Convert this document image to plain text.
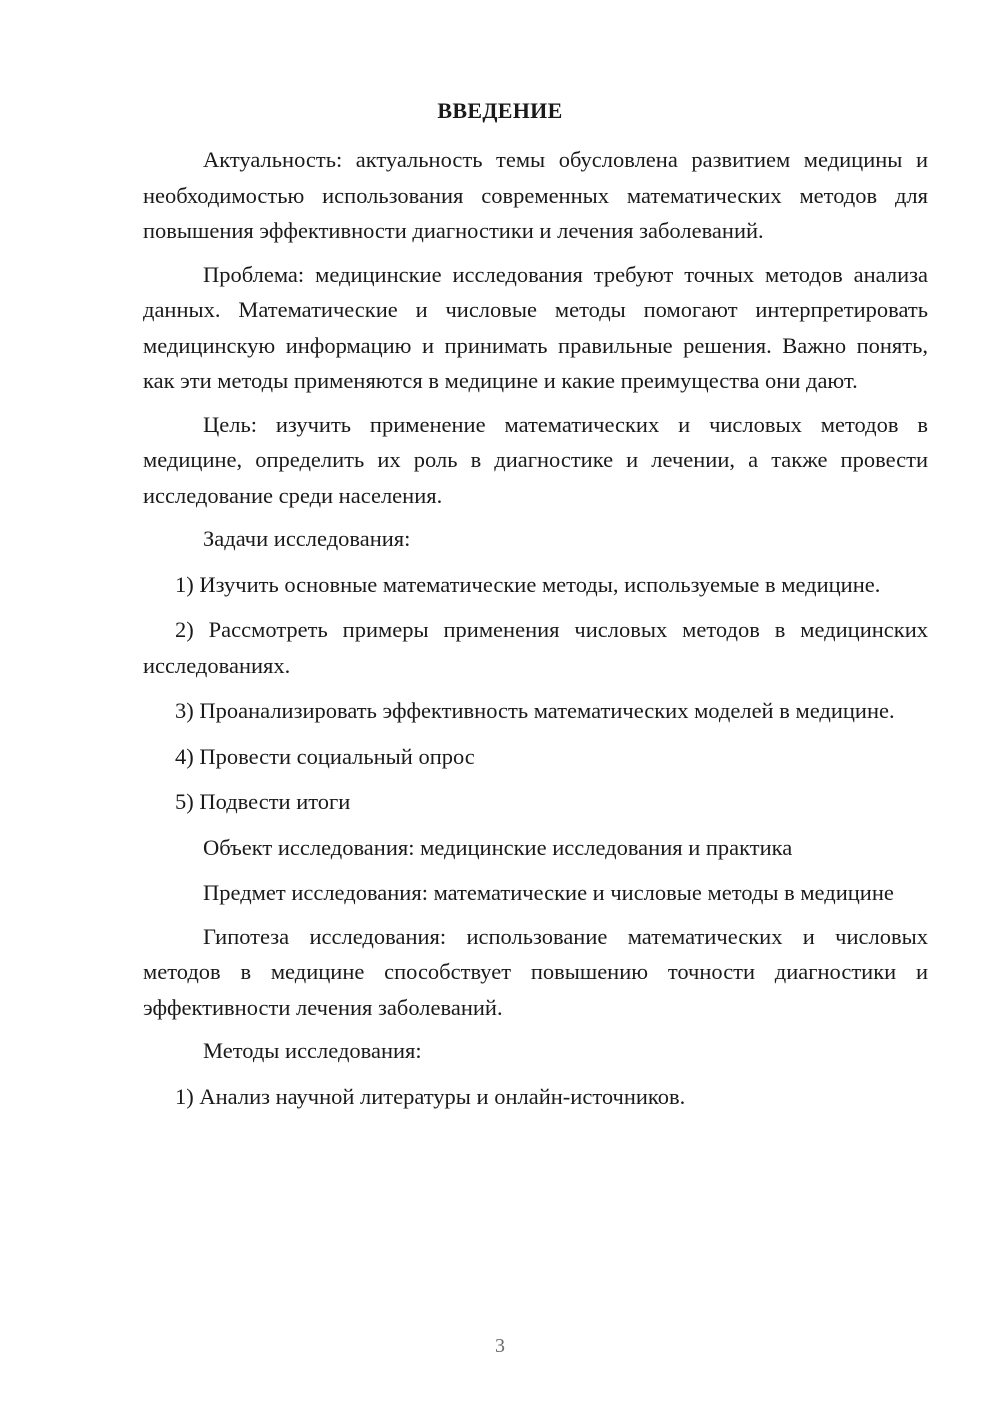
ВВЕДЕНИЕ

Актуальность: актуальность темы обусловлена развитием медицины и необходимостью использования современных математических методов для повышения эффективности диагностики и лечения заболеваний.

Проблема: медицинские исследования требуют точных методов анализа данных. Математические и числовые методы помогают интерпретировать медицинскую информацию и принимать правильные решения. Важно понять, как эти методы применяются в медицине и какие преимущества они дают.

Цель: изучить применение математических и числовых методов в медицине, определить их роль в диагностике и лечении, а также провести исследование среди населения.

Задачи исследования:

1) Изучить основные математические методы, используемые в медицине.

2) Рассмотреть примеры применения числовых методов в медицинских исследованиях.

3) Проанализировать эффективность математических моделей в медицине.

4) Провести социальный опрос

5) Подвести итоги

Объект исследования: медицинские исследования и практика

Предмет исследования: математические и числовые методы в медицине

Гипотеза исследования: использование математических и числовых методов в медицине способствует повышению точности диагностики и эффективности лечения заболеваний.

Методы исследования:

1) Анализ научной литературы и онлайн-источников.

3
